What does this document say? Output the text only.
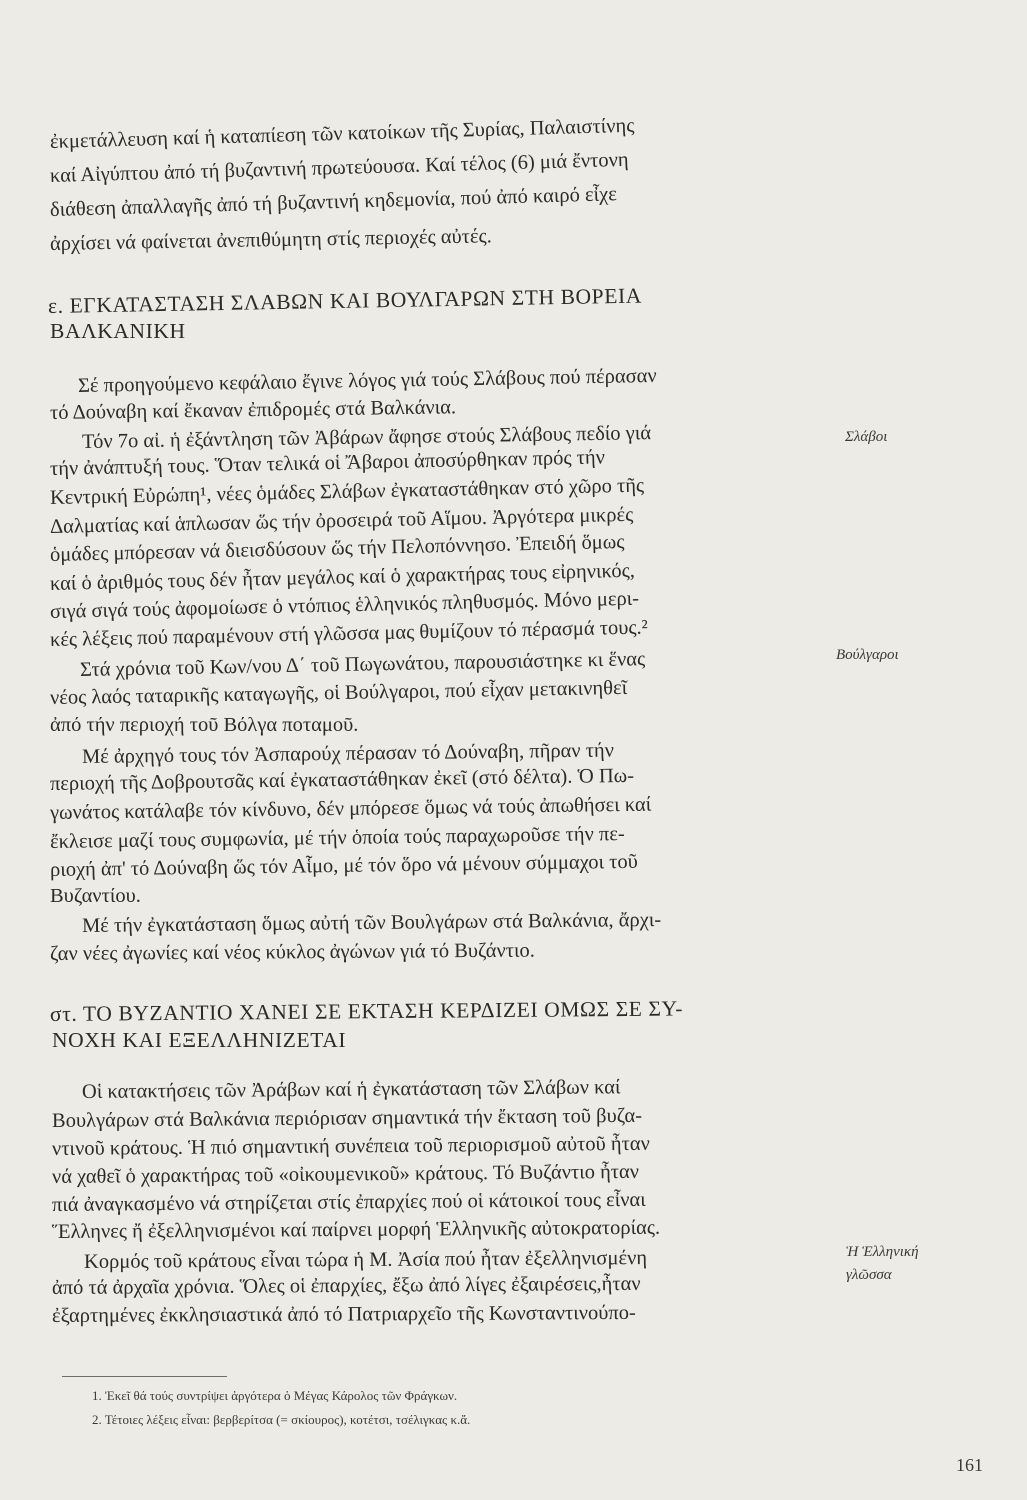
ἐκμετάλλευση καί ἡ καταπίεση τῶν κατοίκων τῆς Συρίας, Παλαιστίνης
καί Αἰγύπτου ἀπό τή βυζαντινή πρωτεύουσα. Καί τέλος (6) μιά ἔντονη
διάθεση ἀπαλλαγῆς ἀπό τή βυζαντινή κηδεμονία, πού ἀπό καιρό εἶχε
ἀρχίσει νά φαίνεται ἀνεπιθύμητη στίς περιοχές αὐτές.
ε. ΕΓΚΑΤΑΣΤΑΣΗ ΣΛΑΒΩΝ ΚΑΙ ΒΟΥΛΓΑΡΩΝ ΣΤΗ ΒΟΡΕΙΑ
ΒΑΛΚΑΝΙΚΗ
Σέ προηγούμενο κεφάλαιο ἔγινε λόγος γιά τούς Σλάβους πού πέρασαν
τό Δούναβη καί ἔκαναν ἐπιδρομές στά Βαλκάνια.
Τόν 7ο αἰ. ἡ ἐξάντληση τῶν Ἀβάρων ἄφησε στούς Σλάβους πεδίο γιά
τήν ἀνάπτυξή τους. Ὅταν τελικά οἱ Ἄβαροι ἀποσύρθηκαν πρός τήν
Κεντρική Εὐρώπη¹, νέες ὁμάδες Σλάβων ἐγκαταστάθηκαν στό χῶρο τῆς
Δαλματίας καί ἁπλωσαν ὥς τήν ὀροσειρά τοῦ Αἵμου. Ἀργότερα μικρές
ὁμάδες μπόρεσαν νά διεισδύσουν ὥς τήν Πελοπόννησο. Ἐπειδή ὅμως
καί ὁ ἀριθμός τους δέν ἦταν μεγάλος καί ὁ χαρακτήρας τους εἰρηνικός,
σιγά σιγά τούς ἀφομοίωσε ὁ ντόπιος ἑλληνικός πληθυσμός. Μόνο μερι-
κές λέξεις πού παραμένουν στή γλῶσσα μας θυμίζουν τό πέρασμά τους.²
Στά χρόνια τοῦ Κων/νου Δ΄ τοῦ Πωγωνάτου, παρουσιάστηκε κι ἕνας
νέος λαός ταταρικῆς καταγωγῆς, οἱ Βούλγαροι, πού εἶχαν μετακινηθεῖ
ἀπό τήν περιοχή τοῦ Βόλγα ποταμοῦ.
Μέ ἀρχηγό τους τόν Ἀσπαρούχ πέρασαν τό Δούναβη, πῆραν τήν
περιοχή τῆς Δοβρουτσᾶς καί ἐγκαταστάθηκαν ἐκεῖ (στό δέλτα). Ὁ Πω-
γωνάτος κατάλαβε τόν κίνδυνο, δέν μπόρεσε ὅμως νά τούς ἀπωθήσει καί
ἔκλεισε μαζί τους συμφωνία, μέ τήν ὁποία τούς παραχωροῦσε τήν πε-
ριοχή ἀπ' τό Δούναβη ὥς τόν Αἷμο, μέ τόν ὅρο νά μένουν σύμμαχοι τοῦ
Βυζαντίου.
Μέ τήν ἐγκατάσταση ὅμως αὐτή τῶν Βουλγάρων στά Βαλκάνια, ἄρχι-
ζαν νέες ἀγωνίες καί νέος κύκλος ἀγώνων γιά τό Βυζάντιο.
στ. ΤΟ ΒΥΖΑΝΤΙΟ ΧΑΝΕΙ ΣΕ ΕΚΤΑΣΗ ΚΕΡΔΙΖΕΙ ΟΜΩΣ ΣΕ ΣΥ-
ΝΟΧΗ ΚΑΙ ΕΞΕΛΛΗΝΙΖΕΤΑΙ
Οἱ κατακτήσεις τῶν Ἀράβων καί ἡ ἐγκατάσταση τῶν Σλάβων καί
Βουλγάρων στά Βαλκάνια περιόρισαν σημαντικά τήν ἔκταση τοῦ βυζα-
ντινοῦ κράτους. Ἡ πιό σημαντική συνέπεια τοῦ περιορισμοῦ αὐτοῦ ἦταν
νά χαθεῖ ὁ χαρακτήρας τοῦ «οἰκουμενικοῦ» κράτους. Τό Βυζάντιο ἦταν
πιά ἀναγκασμένο νά στηρίζεται στίς ἐπαρχίες πού οἱ κάτοικοί τους εἶναι
Ἕλληνες ἤ ἐξελληνισμένοι καί παίρνει μορφή Ἑλληνικῆς αὐτοκρατορίας.
Κορμός τοῦ κράτους εἶναι τώρα ἡ Μ. Ἀσία πού ἦταν ἐξελληνισμένη
ἀπό τά ἀρχαῖα χρόνια. Ὅλες οἱ ἐπαρχίες, ἔξω ἀπό λίγες ἐξαιρέσεις,ἦταν
ἐξαρτημένες ἐκκλησιαστικά ἀπό τό Πατριαρχεῖο τῆς Κωνσταντινούπο-
Σλάβοι
Βούλγαροι
Ἡ Ἑλληνική
γλῶσσα
1. Ἐκεῖ θά τούς συντρίψει ἀργότερα ὁ Μέγας Κάρολος τῶν Φράγκων.
2. Τέτοιες λέξεις εἶναι: βερβερίτσα (= σκίουρος), κοτέτσι, τσέλιγκας κ.ἄ.
161
